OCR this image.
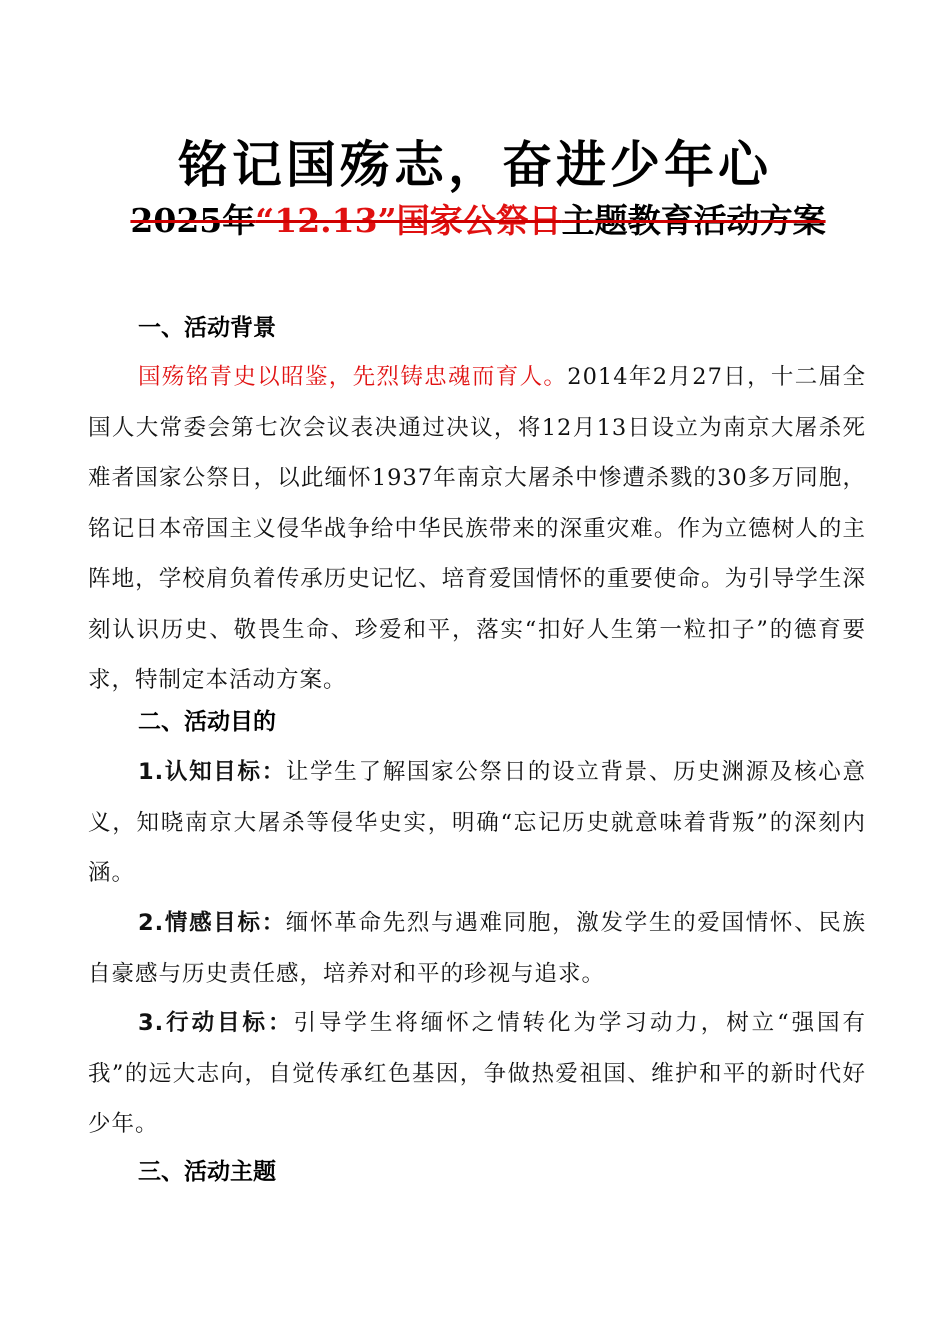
铭记国殇志，奋进少年心
2025年“12.13”国家公祭日主题教育活动方案
一、活动背景

国殇铭青史以昭鉴，先烈铸忠魂而育人。2014年2月27日，十二届全国人大常委会第七次会议表决通过决议，将12月13日设立为南京大屠杀死难者国家公祭日，以此缅怀1937年南京大屠杀中惨遭杀戮的30多万同胞，铭记日本帝国主义侵华战争给中华民族带来的深重灾难。作为立德树人的主阵地，学校肩负着传承历史记忆、培育爱国情怀的重要使命。为引导学生深刻认识历史、敬畏生命、珍爱和平，落实“扣好人生第一粒扣子”的德育要求，特制定本活动方案。

二、活动目的

1.认知目标：让学生了解国家公祭日的设立背景、历史渊源及核心意义，知晓南京大屠杀等侵华史实，明确“忘记历史就意味着背叛”的深刻内涵。

2.情感目标：缅怀革命先烈与遇难同胞，激发学生的爱国情怀、民族自豪感与历史责任感，培养对和平的珍视与追求。

3.行动目标：引导学生将缅怀之情转化为学习动力，树立“强国有我”的远大志向，自觉传承红色基因，争做热爱祖国、维护和平的新时代好少年。

三、活动主题
